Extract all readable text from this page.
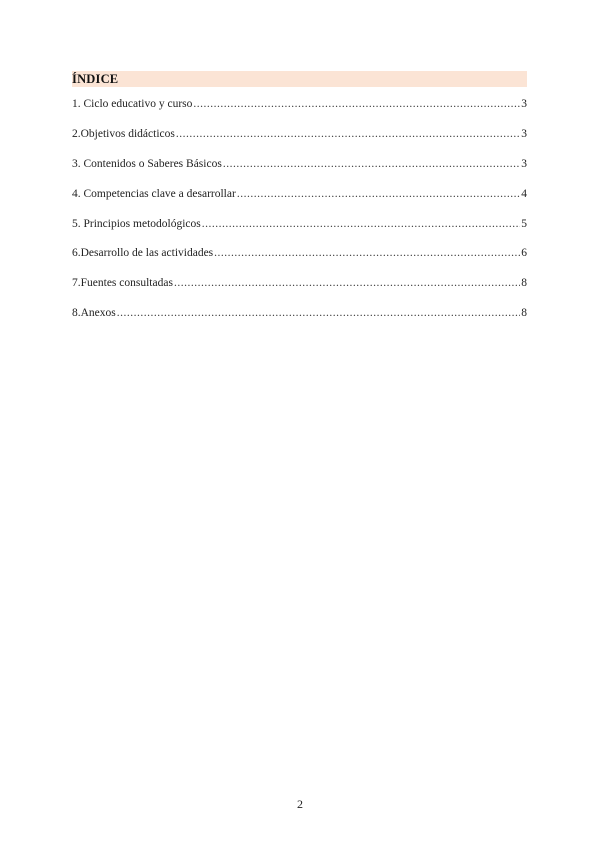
ÍNDICE
1. Ciclo educativo y curso .....	3
2.Objetivos didácticos .....	3
3. Contenidos o Saberes Básicos .....	3
4. Competencias clave a desarrollar .....	4
5. Principios metodológicos .....	5
6.Desarrollo de las actividades .....	6
7.Fuentes consultadas .....	8
8.Anexos .....	8
2
